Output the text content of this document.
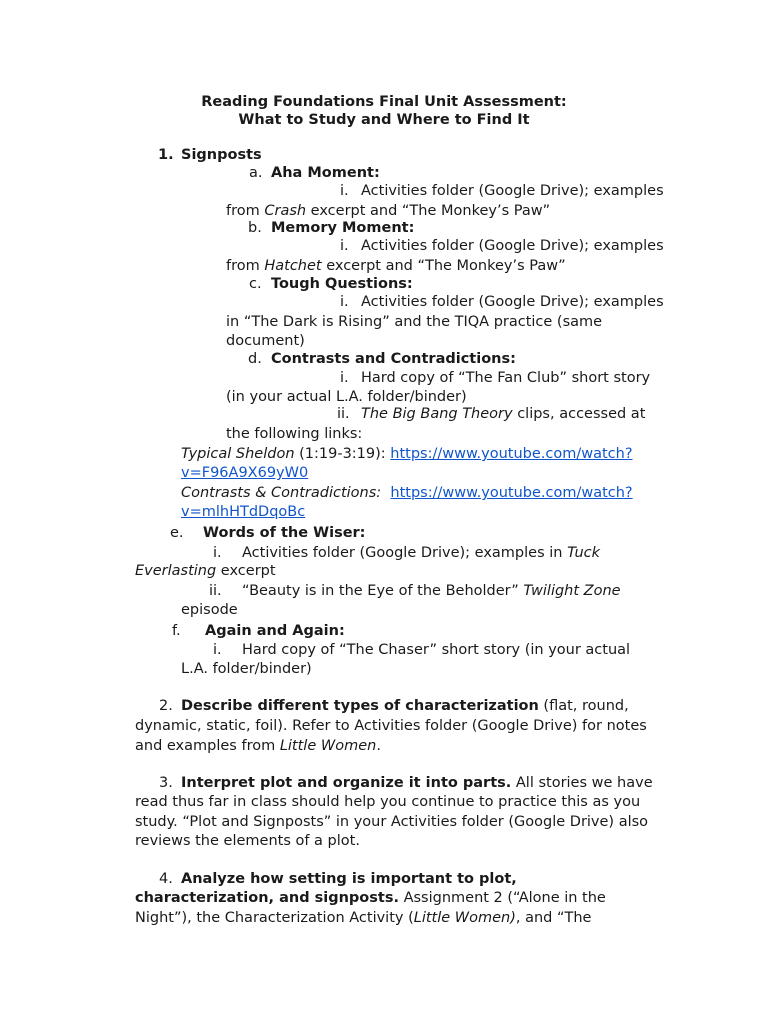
Reading Foundations Final Unit Assessment:
What to Study and Where to Find It
1. Signposts
a. Aha Moment:
i. Activities folder (Google Drive); examples
from Crash excerpt and “The Monkey’s Paw”
b. Memory Moment:
i. Activities folder (Google Drive); examples
from Hatchet excerpt and “The Monkey’s Paw”
c. Tough Questions:
i. Activities folder (Google Drive); examples
in “The Dark is Rising” and the TIQA practice (same
document)
d. Contrasts and Contradictions:
i. Hard copy of “The Fan Club” short story
(in your actual L.A. folder/binder)
ii. The Big Bang Theory clips, accessed at
the following links:
Typical Sheldon (1:19-3:19): https://www.youtube.com/watch?
v=F96A9X69yW0
Contrasts & Contradictions: https://www.youtube.com/watch?
v=mlhHTdDqoBc
e. Words of the Wiser:
i. Activities folder (Google Drive); examples in Tuck
Everlasting excerpt
ii. “Beauty is in the Eye of the Beholder” Twilight Zone
episode
f. Again and Again:
i. Hard copy of “The Chaser” short story (in your actual
L.A. folder/binder)
2. Describe different types of characterization (flat, round,
dynamic, static, foil). Refer to Activities folder (Google Drive) for notes
and examples from Little Women.
3. Interpret plot and organize it into parts. All stories we have
read thus far in class should help you continue to practice this as you
study. “Plot and Signposts” in your Activities folder (Google Drive) also
reviews the elements of a plot.
4. Analyze how setting is important to plot,
characterization, and signposts. Assignment 2 (“Alone in the
Night”), the Characterization Activity (Little Women), and “The
